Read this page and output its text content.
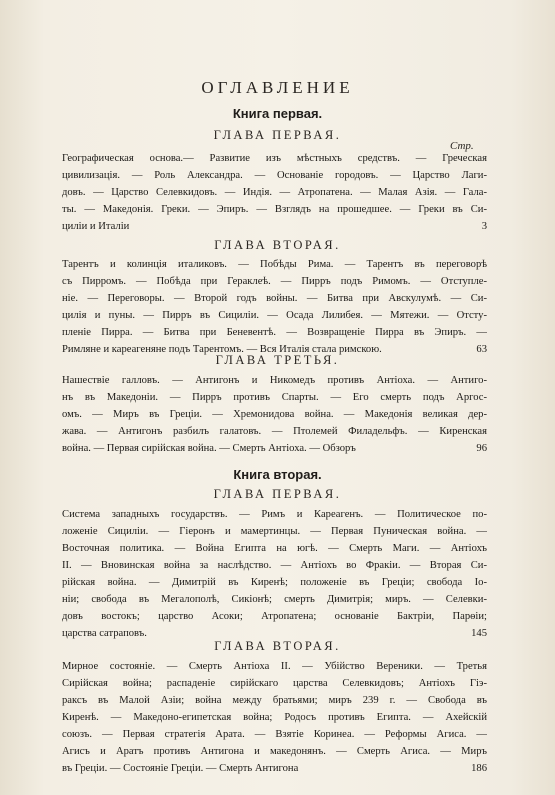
ОГЛАВЛЕНИЕ
Книга первая.
ГЛАВА ПЕРВАЯ.
Стр.
Географическая основа.— Развитие изъ мѣстныхъ средствъ. — Греческая
цивилизація. — Роль Александра. — Основаніе городовъ. — Царство Лаги-
довъ. — Царство Селевкидовъ. — Индія. — Атропатена. — Малая Азія. — Гала-
ты. — Македонія. Греки. — Эпиръ. — Взглядъ на прошедшее. — Греки въ Си-
циліи и Италіи	3
ГЛАВА ВТОРАЯ.
Тарентъ и колинція италиковъ. — Побѣды Рима. — Тарентъ въ переговорѣ
съ Пирромъ. — Побѣда при Гераклеѣ. — Пирръ подъ Римомъ. — Отступле-
ніе. — Переговоры. — Второй годъ войны. — Битва при Авскулумѣ. — Си-
цилія и пуны. — Пирръ въ Сициліи. — Осада Лилибея. — Мятежи. — Отсту-
пленіе Пирра. — Битва при Беневентѣ. — Возвращеніе Пирра въ Эпиръ. —
Римляне и кареагеняне подъ Тарентомъ. — Вся Италія стала римскою.	63
ГЛАВА ТРЕТЬЯ.
Нашествіе галловъ. — Антигонъ и Никомедъ противъ Антіоха. — Антиго-
нъ въ Македоніи. — Пирръ противъ Спарты. — Его смерть подъ Аргос-
омъ. — Миръ въ Греціи. — Хремонидова война. — Македонія великая дер-
жава. — Антигонъ разбилъ галатовъ. — Птолемей Филадельфъ. — Киренская
война. — Первая сирійская война. — Смерть Антіоха. — Обзоръ	96
Книга вторая.
ГЛАВА ПЕРВАЯ.
Система западныхъ государствъ. — Римъ и Кареагенъ. — Политическое по-
ложеніе Сициліи. — Гіеронъ и мамертинцы. — Первая Пуническая война. —
Восточная политика. — Война Египта на югѣ. — Смерть Маги. — Антіохъ
II. — Вновинская война за наслѣдство. — Антіохъ во Фракіи. — Вторая Си-
рійская война. — Димитрій въ Киренѣ; положеніе въ Греціи; свобода Іо-
ніи; свобода въ Мегалополѣ, Сикіонѣ; смерть Димитрія; миръ. — Селевки-
довъ востокъ; царство Асоки; Атропатена; основаніе Бактріи, Парѳіи;
царства сатраповъ.	145
ГЛАВА ВТОРАЯ.
Мирное состояніе. — Смерть Антіоха II. — Убійство Вереники. — Третья
Сирійская война; распаденіе сирійскаго царства Селевкидовъ; Антіохъ Гіэ-
раксъ въ Малой Азіи; война между братьями; миръ 239 г. — Свобода въ
Киренѣ. — Македоно-египетская война; Родосъ противъ Египта. — Ахейскій
союзъ. — Первая стратегія Арата. — Взятіе Коринеа. — Реформы Агиса. —
Агисъ и Аратъ противъ Антигона и македонянъ. — Смерть Агиса. — Миръ
въ Греціи. — Состояніе Греціи. — Смерть Антигона	186
